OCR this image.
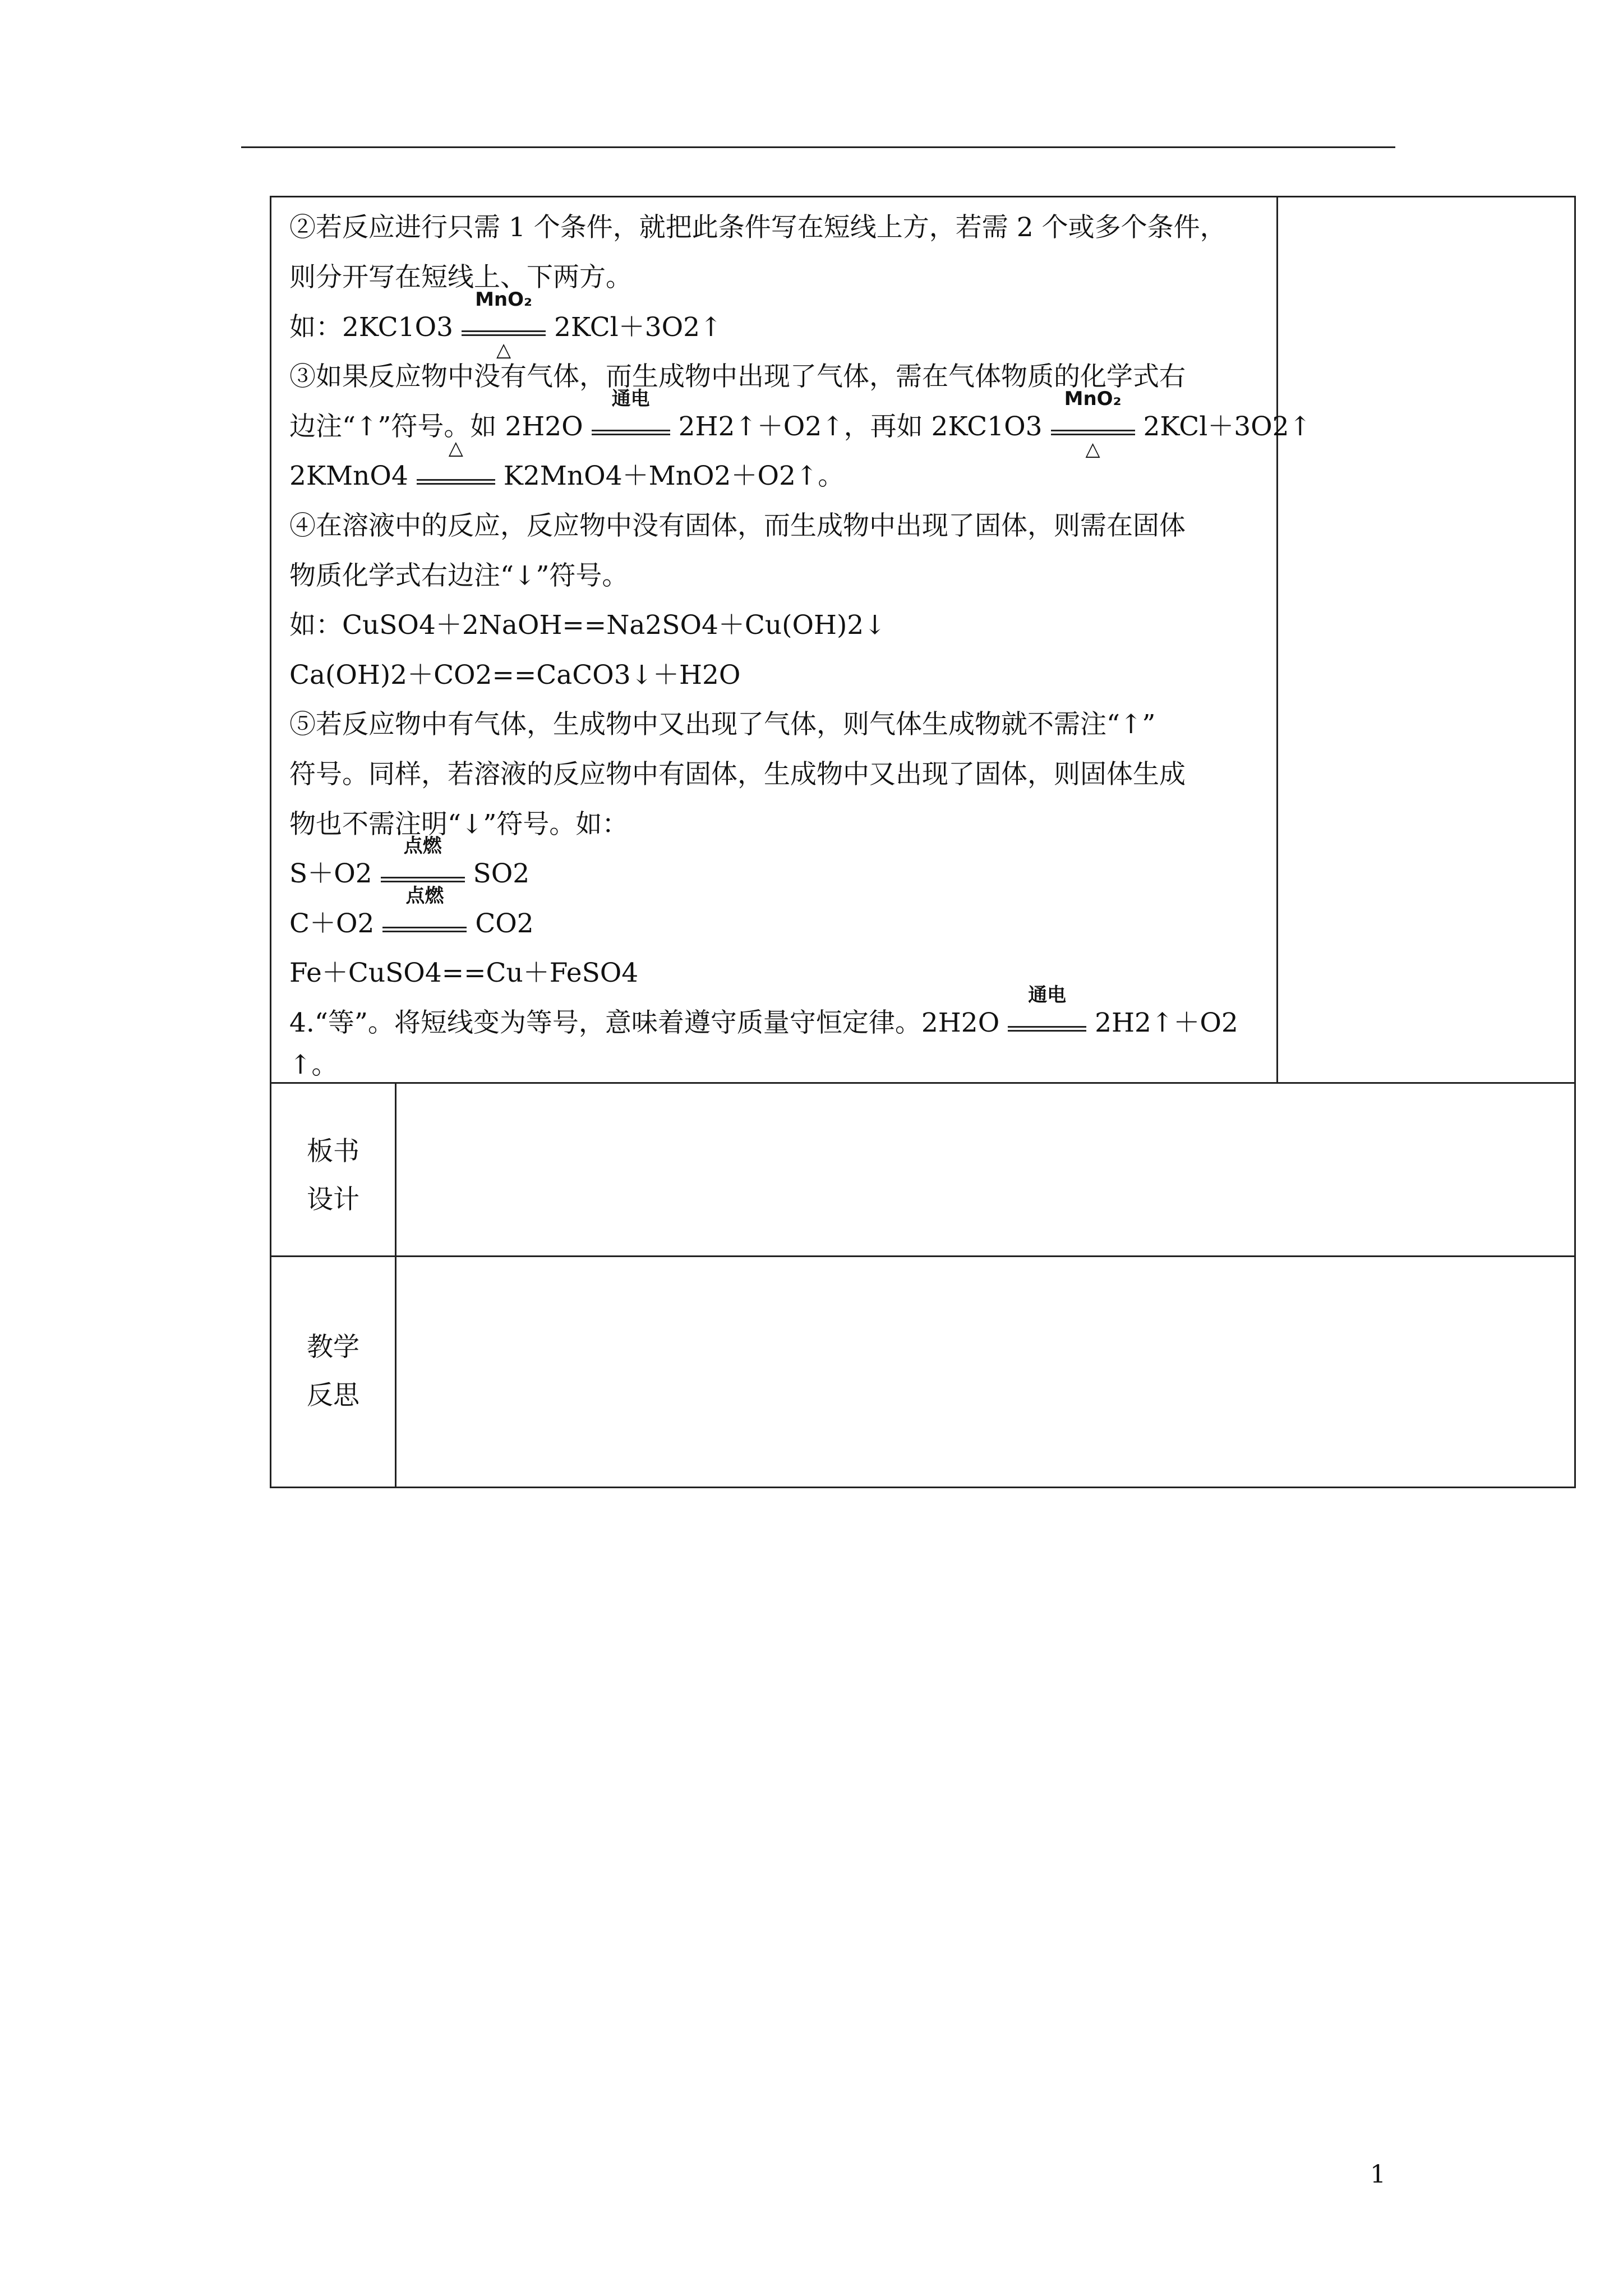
②若反应进行只需 1 个条件，就把此条件写在短线上方，若需 2 个或多个条件，
则分开写在短线上、下两方。
如：2KC1O3
MnO₂
△
2KCl＋3O2↑
③如果反应物中没有气体，而生成物中出现了气体，需在气体物质的化学式右
边注“↑”符号。如 2H2O
通电
2H2↑＋O2↑，再如 2KC1O3
MnO₂
△
2KCl＋3O2↑
2KMnO4
△
K2MnO4＋MnO2＋O2↑。
④在溶液中的反应，反应物中没有固体，而生成物中出现了固体，则需在固体
物质化学式右边注“↓”符号。
如：CuSO4＋2NaOH==Na2SO4＋Cu(OH)2↓
Ca(OH)2＋CO2==CaCO3↓＋H2O
⑤若反应物中有气体，生成物中又出现了气体，则气体生成物就不需注“↑”
符号。同样，若溶液的反应物中有固体，生成物中又出现了固体，则固体生成
物也不需注明“↓”符号。如：
S＋O2
点燃
SO2
C＋O2
点燃
CO2
Fe＋CuSO4==Cu＋FeSO4
4.“等”。将短线变为等号，意味着遵守质量守恒定律。2H2O
通电
2H2↑＋O2
↑。
板书
设计
教学
反思
1
